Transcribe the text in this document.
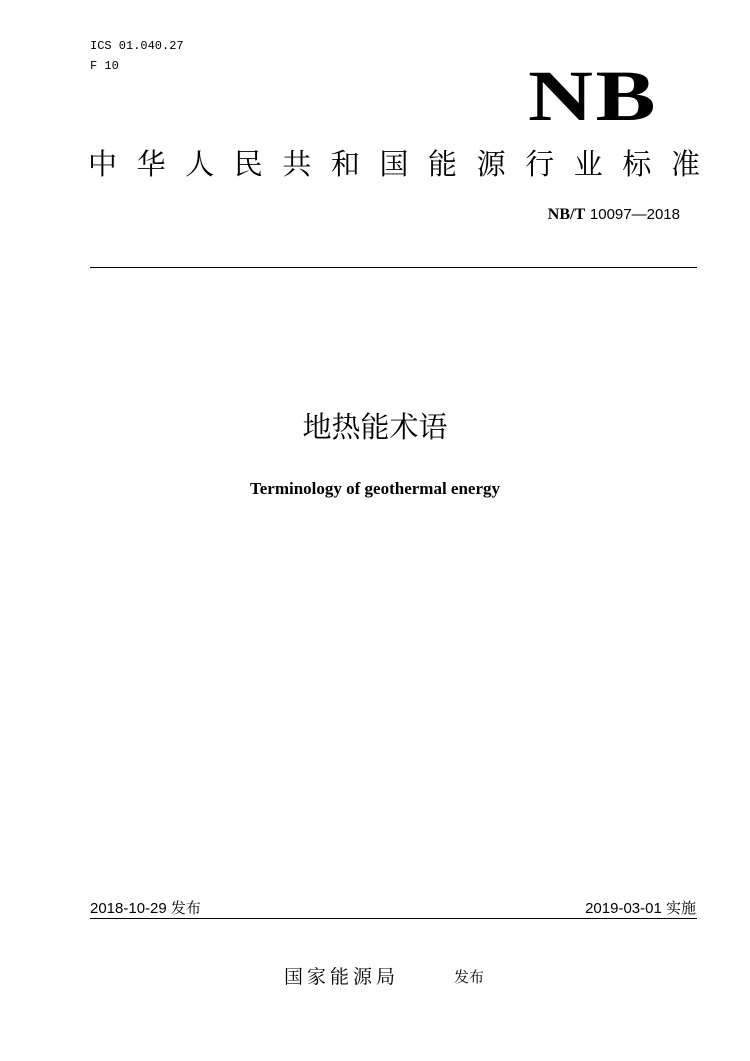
ICS 01.040.27
F 10	NB
中 华 人 民 共 和 国 能 源 行 业 标 准
NB/T 10097—2018
地热能术语
Terminology of geothermal energy
2018-10-29 发布	2019-03-01 实施
国家能源局	发布
